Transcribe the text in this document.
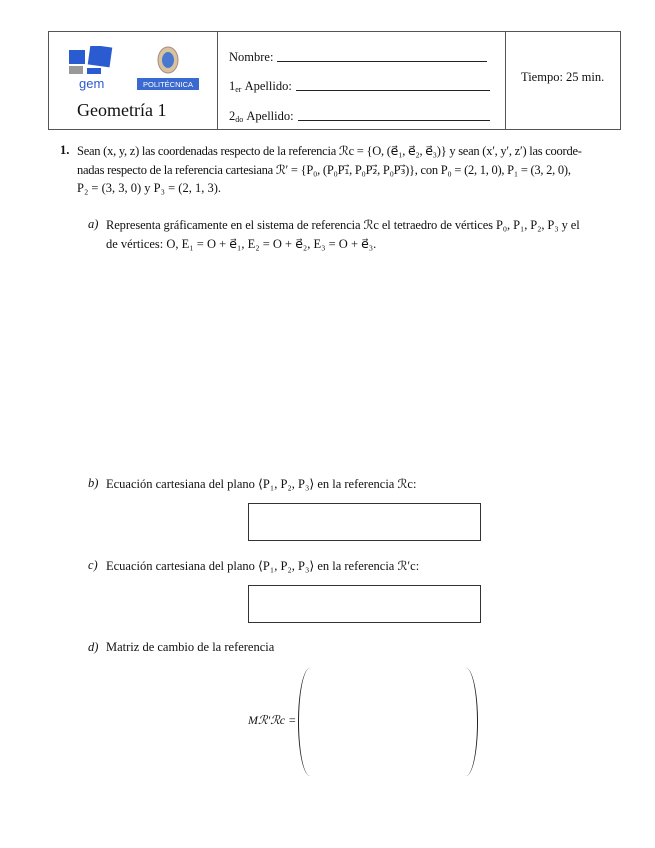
gem	POLITÉCNICA
Geometría 1
Nombre:
$1_{er}$
Apellido:
$2_{do}$
Apellido:
Tiempo: 25 min.
1. Sean (x, y, z) las coordenadas respecto de la referencia ℛc = {O, (e⃗₁, e⃗₂, e⃗₃)} y sean (x′, y′, z′) las coorde-
nadas respecto de la referencia cartesiana ℛ′ = {P₀, (P₀P₁⃗, P₀P₂⃗, P₀P₃⃗)}, con P₀ = (2, 1, 0), P₁ = (3, 2, 0),
P₂ = (3, 3, 0) y P₃ = (2, 1, 3).
a) Representa gráficamente en el sistema de referencia ℛc el tetraedro de vértices P₀, P₁, P₂, P₃ y el
de vértices: O, E₁ = O + e⃗₁, E₂ = O + e⃗₂, E₃ = O + e⃗₃.
b) Ecuación cartesiana del plano ⟨P₁, P₂, P₃⟩ en la referencia ℛc:
c) Ecuación cartesiana del plano ⟨P₁, P₂, P₃⟩ en la referencia ℛ′c:
d) Matriz de cambio de la referencia
Mℛ′ℛc =
